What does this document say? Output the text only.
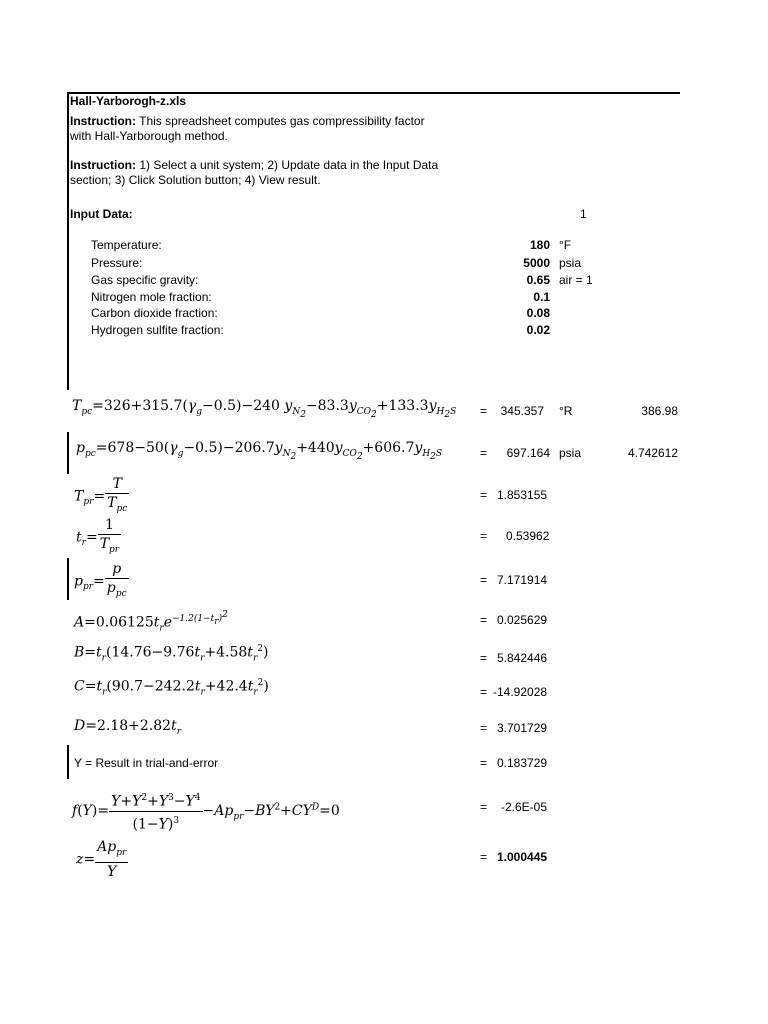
Hall-Yarborogh-z.xls
Instruction: This spreadsheet computes gas compressibility factor
with Hall-Yarborough method.
Instruction: 1) Select a unit system; 2) Update data in the Input Data
section; 3) Click Solution button; 4) View result.
Input Data:	1
Temperature:	180 °F
Pressure:	5000 psia
Gas specific gravity:	0.65 air = 1
Nitrogen mole fraction:	0.1
Carbon dioxide fraction:	0.08
Hydrogen sulfite fraction:	0.02
$T_{pc}=326+315.7(\gamma_g-0.5)-240$ $y_{N_2}-83.3y_{CO_2}+133.3y_{H_2S}$ =	345.357 °R	386.98
$p_{pc}=678-50(\gamma_g-0.5)-206.7y_{N_2}+440y_{CO_2}+606.7y_{H_2S}$	=	697.164 psia	4.742612
$T_{pr}= \frac{T}{T_{pc}}$	= 1.853155
$t_r= \frac{1}{T_{pr}}$	= 0.53962
$p_{pr}= \frac{p}{p_{pc}}$	= 7.171914
$A=0.06125t_re^{-1.2(1-t_r)^2}$	= 0.025629
$B=t_r(14.76-9.76t_r+4.58t_r^2)$	= 5.842446
$C=t_r(90.7-242.2t_r+42.4t_r^2)$	= -14.92028
$D=2.18+2.82t_r$	= 3.701729
Y = Result in trial-and-error	= 0.183729
$f(Y)= \frac{Y+Y^2+Y^3-Y^4}{(1-Y)^3} -Ap_{pr}-BY^2+CY^D=0$	= -2.6E-05
$z= \frac{Ap_{pr}}{Y}$	= 1.000445
